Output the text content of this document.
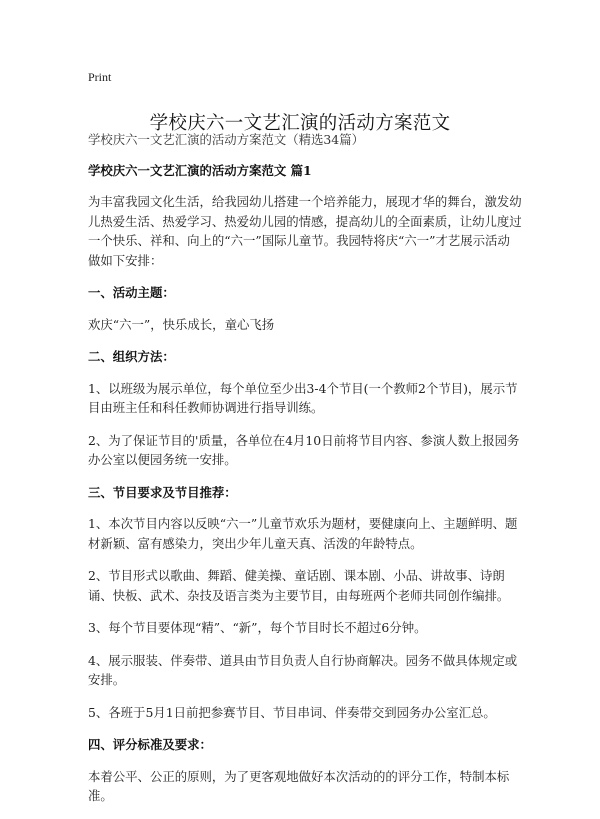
Print
学校庆六一文艺汇演的活动方案范文

学校庆六一文艺汇演的活动方案范文（精选34篇）

学校庆六一文艺汇演的活动方案范文 篇1

为丰富我园文化生活，给我园幼儿搭建一个培养能力，展现才华的舞台，激发幼儿热爱生活、热爱学习、热爱幼儿园的情感，提高幼儿的全面素质，让幼儿度过一个快乐、祥和、向上的“六一”国际儿童节。我园特将庆“六一”才艺展示活动做如下安排：

一、活动主题：

欢庆“六一”，快乐成长，童心飞扬

二、组织方法：

1、以班级为展示单位，每个单位至少出3-4个节目(一个教师2个节目)，展示节目由班主任和科任教师协调进行指导训练。

2、为了保证节目的'质量，各单位在4月10日前将节目内容、参演人数上报园务办公室以便园务统一安排。

三、节目要求及节目推荐：

1、本次节目内容以反映“六一”儿童节欢乐为题材，要健康向上、主题鲜明、题材新颖、富有感染力，突出少年儿童天真、活泼的年龄特点。

2、节目形式以歌曲、舞蹈、健美操、童话剧、课本剧、小品、讲故事、诗朗诵、快板、武术、杂技及语言类为主要节目，由每班两个老师共同创作编排。

3、每个节目要体现“精”、“新”，每个节目时长不超过6分钟。

4、展示服装、伴奏带、道具由节目负责人自行协商解决。园务不做具体规定或安排。

5、各班于5月1日前把参赛节目、节目串词、伴奏带交到园务办公室汇总。

四、评分标准及要求：

本着公平、公正的原则，为了更客观地做好本次活动的的评分工作，特制本标准。
